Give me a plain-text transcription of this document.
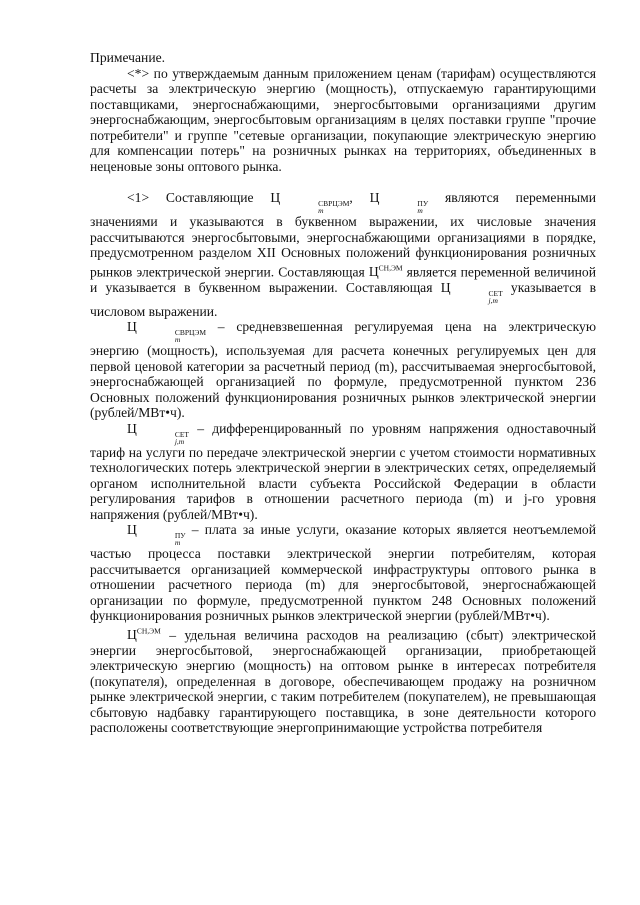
Примечание.

<*> по утверждаемым данным приложением ценам (тарифам) осуществляются расчеты за электрическую энергию (мощность), отпускаемую гарантирующими поставщиками, энергоснабжающими, энергосбытовыми организациями другим энергоснабжающим, энергосбытовым организациям в целях поставки группе "прочие потребители" и группе "сетевые организации, покупающие электрическую энергию для компенсации потерь" на розничных рынках на территориях, объединенных в неценовые зоны оптового рынка.

<1> Составляющие Ц	СВРЦЭМ
m
, Ц	ПУ
m
являются переменными значениями и указываются в буквенном выражении, их числовые значения рассчитываются энергосбытовыми, энергоснабжающими организациями в порядке, предусмотренном разделом XII Основных положений функционирования розничных рынков электрической энергии. Составляющая $Ц^{СН,ЭМ}$ является переменной величиной и указывается в буквенном выражении. Составляющая Ц	СЕТ
j,m
указывается в числовом выражении.

Ц	СВРЦЭМ
m
– средневзвешенная регулируемая цена на электрическую энергию (мощность), используемая для расчета конечных регулируемых цен для первой ценовой категории за расчетный период (m), рассчитываемая энергосбытовой, энергоснабжающей организацией по формуле, предусмотренной пунктом 236 Основных положений функционирования розничных рынков электрической энергии (рублей/МВт•ч).

Ц	СЕТ
j,m
– дифференцированный по уровням напряжения одноставочный тариф на услуги по передаче электрической энергии с учетом стоимости нормативных технологических потерь электрической энергии в электрических сетях, определяемый органом исполнительной власти субъекта Российской Федерации в области регулирования тарифов в отношении расчетного периода (m) и j-го уровня напряжения (рублей/МВт•ч).

Ц	ПУ
m
– плата за иные услуги, оказание которых является неотъемлемой частью процесса поставки электрической энергии потребителям, которая рассчитывается организацией коммерческой инфраструктуры оптового рынка в отношении расчетного периода (m) для энергосбытовой, энергоснабжающей организации по формуле, предусмотренной пунктом 248 Основных положений функционирования розничных рынков электрической энергии (рублей/МВт•ч).

$Ц^{СН,ЭМ}$ – удельная величина расходов на реализацию (сбыт) электрической энергии энергосбытовой, энергоснабжающей организации, приобретающей электрическую энергию (мощность) на оптовом рынке в интересах потребителя (покупателя), определенная в договоре, обеспечивающем продажу на розничном рынке электрической энергии, с таким потребителем (покупателем), не превышающая сбытовую надбавку гарантирующего поставщика, в зоне деятельности которого расположены соответствующие энергопринимающие устройства потребителя
